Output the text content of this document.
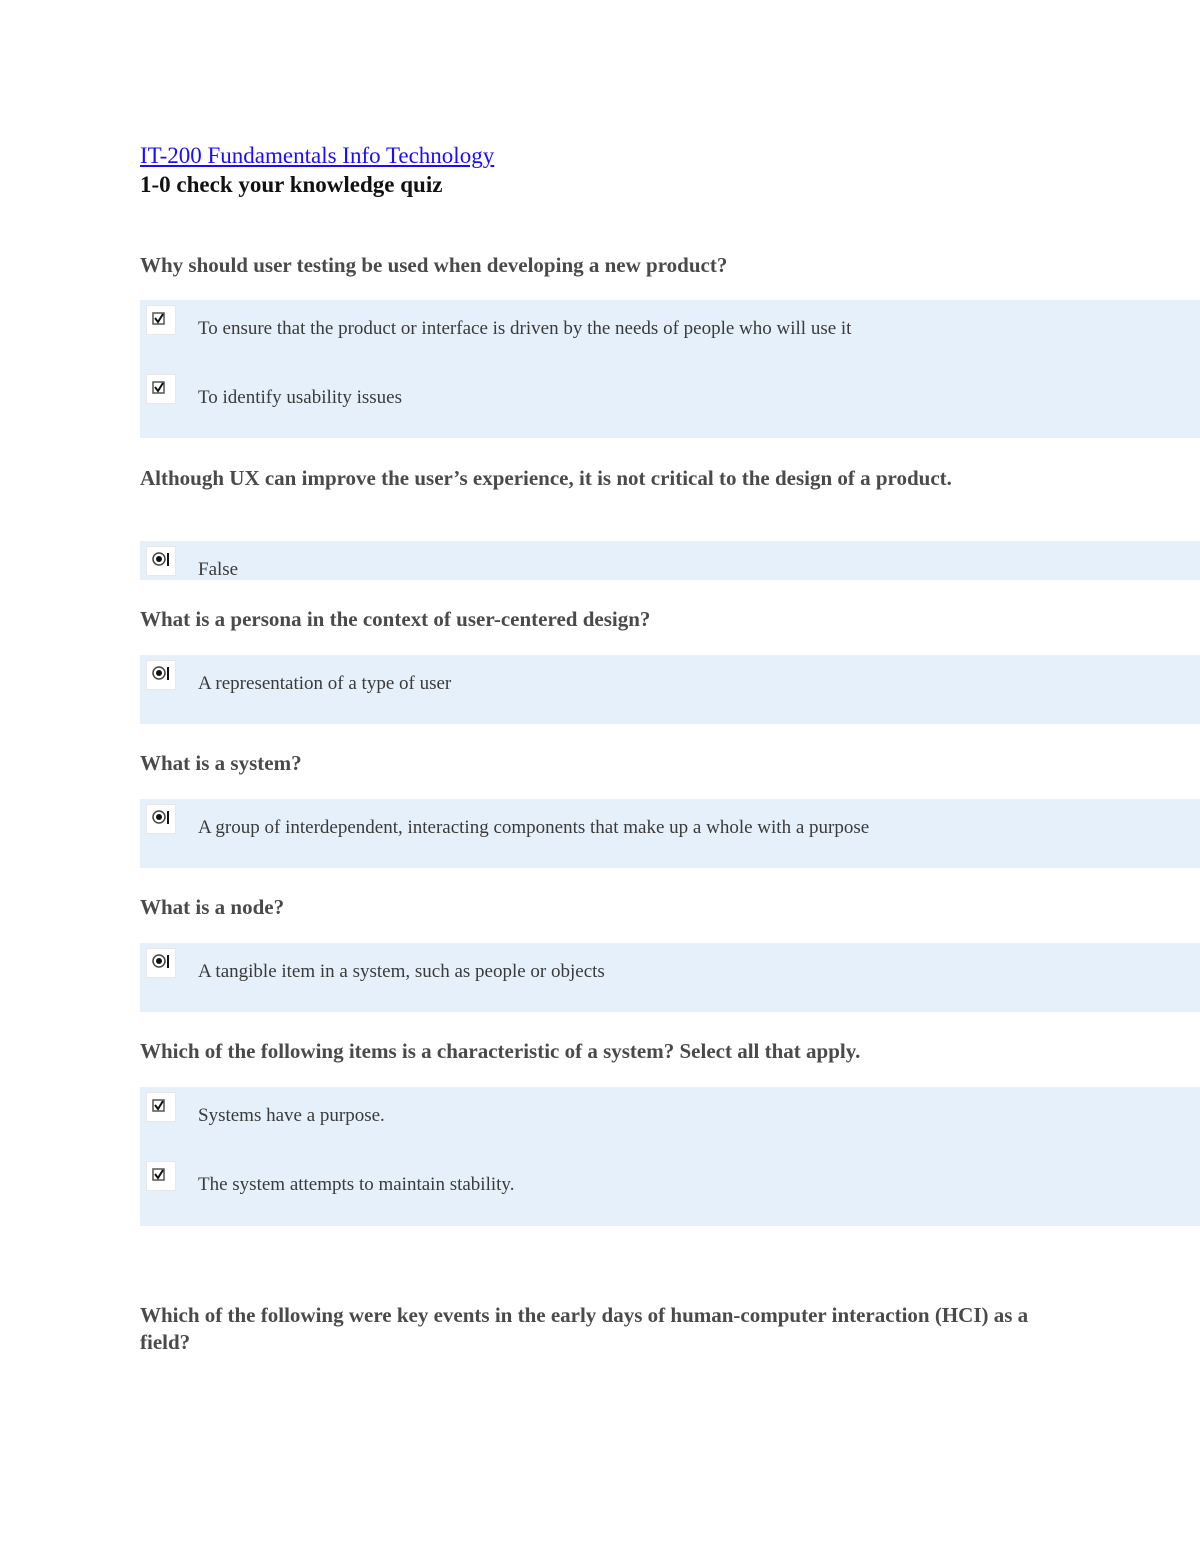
IT-200 Fundamentals Info Technology
1-0 check your knowledge quiz
Why should user testing be used when developing a new product?
To ensure that the product or interface is driven by the needs of people who will use it
To identify usability issues
Although UX can improve the user’s experience, it is not critical to the design of a product.
False
What is a persona in the context of user-centered design?
A representation of a type of user
What is a system?
A group of interdependent, interacting components that make up a whole with a purpose
What is a node?
A tangible item in a system, such as people or objects
Which of the following items is a characteristic of a system? Select all that apply.
Systems have a purpose.
The system attempts to maintain stability.
Which of the following were key events in the early days of human-computer interaction (HCI) as a field?
